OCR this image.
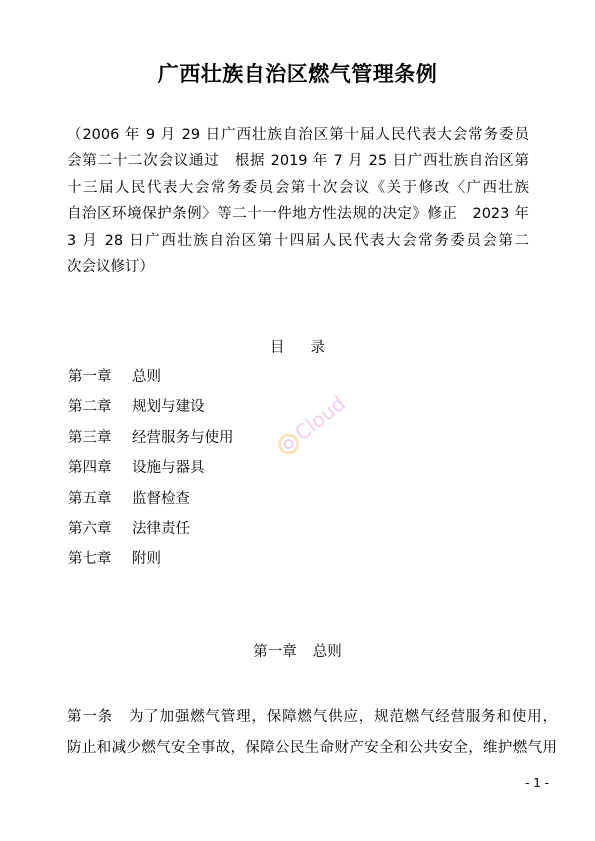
广西壮族自治区燃气管理条例
（2006 年 9 月 29 日广西壮族自治区第十届人民代表大会常务委员
会第二十二次会议通过　根据 2019 年 7 月 25 日广西壮族自治区第
十三届人民代表大会常务委员会第十次会议《关于修改〈广西壮族
自治区环境保护条例〉等二十一件地方性法规的决定》修正　2023 年
3 月 28 日广西壮族自治区第十四届人民代表大会常务委员会第二
次会议修订）
目 录
第一章 总则
第二章 规划与建设
第三章 经营服务与使用
第四章 设施与器具
第五章 监督检查
第六章 法律责任
第七章 附则
Cloud
第一章 总则
第一条 为了加强燃气管理，保障燃气供应，规范燃气经营服务和使用，
防止和减少燃气安全事故，保障公民生命财产安全和公共安全，维护燃气用
- 1 -
